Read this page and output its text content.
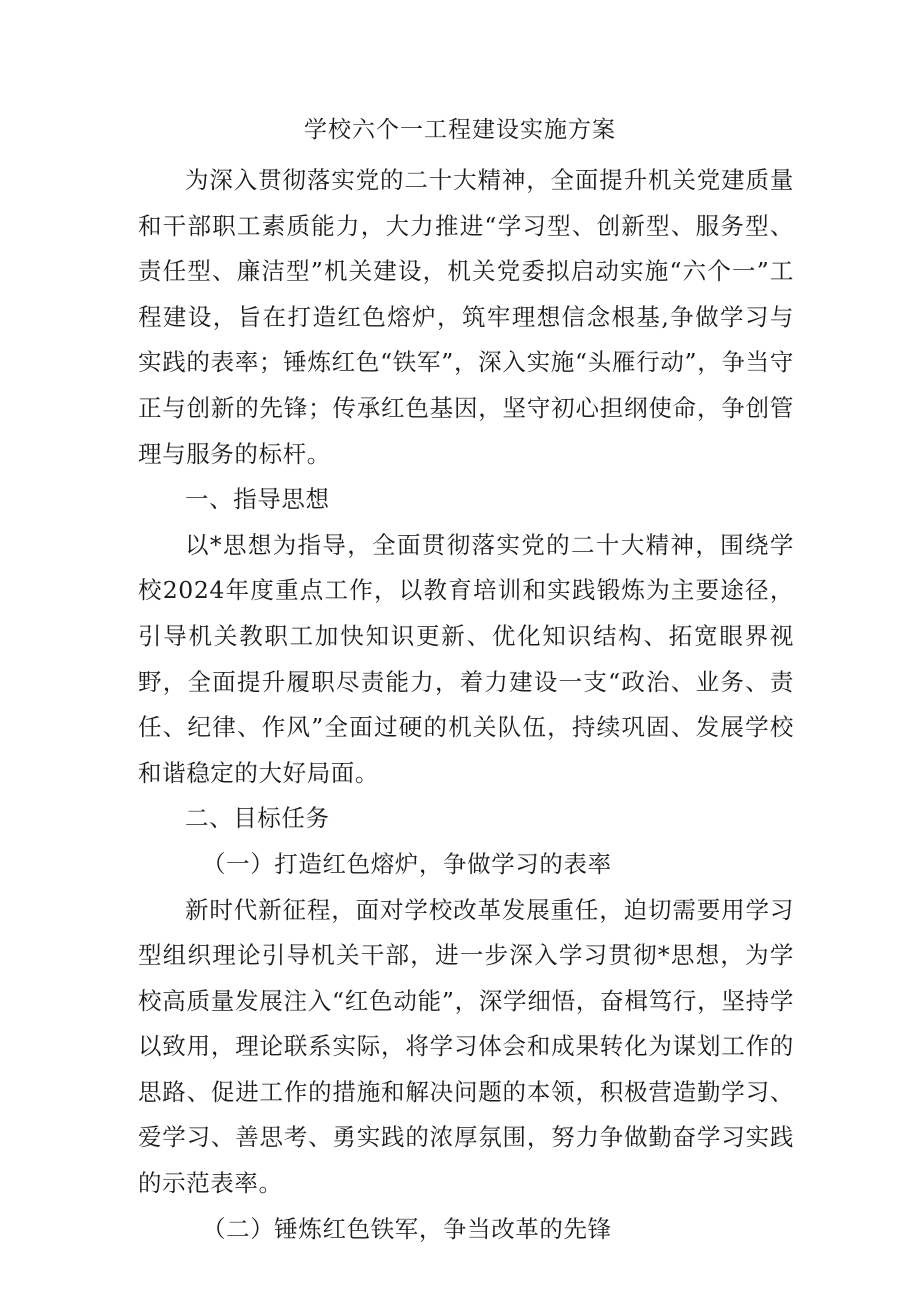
学校六个一工程建设实施方案

为深入贯彻落实党的二十大精神，全面提升机关党建质量和干部职工素质能力，大力推进“学习型、创新型、服务型、责任型、廉洁型”机关建设，机关党委拟启动实施“六个一”工程建设，旨在打造红色熔炉，筑牢理想信念根基,争做学习与实践的表率；锤炼红色“铁军”，深入实施“头雁行动”，争当守正与创新的先锋；传承红色基因，坚守初心担纲使命，争创管理与服务的标杆。

一、指导思想

以*思想为指导，全面贯彻落实党的二十大精神，围绕学校2024年度重点工作，以教育培训和实践锻炼为主要途径，引导机关教职工加快知识更新、优化知识结构、拓宽眼界视野，全面提升履职尽责能力，着力建设一支“政治、业务、责任、纪律、作风”全面过硬的机关队伍，持续巩固、发展学校和谐稳定的大好局面。

二、目标任务

（一）打造红色熔炉，争做学习的表率

新时代新征程，面对学校改革发展重任，迫切需要用学习型组织理论引导机关干部，进一步深入学习贯彻*思想，为学校高质量发展注入“红色动能”，深学细悟，奋楫笃行，坚持学以致用，理论联系实际，将学习体会和成果转化为谋划工作的思路、促进工作的措施和解决问题的本领，积极营造勤学习、爱学习、善思考、勇实践的浓厚氛围，努力争做勤奋学习实践的示范表率。

（二）锤炼红色铁军，争当改革的先锋
